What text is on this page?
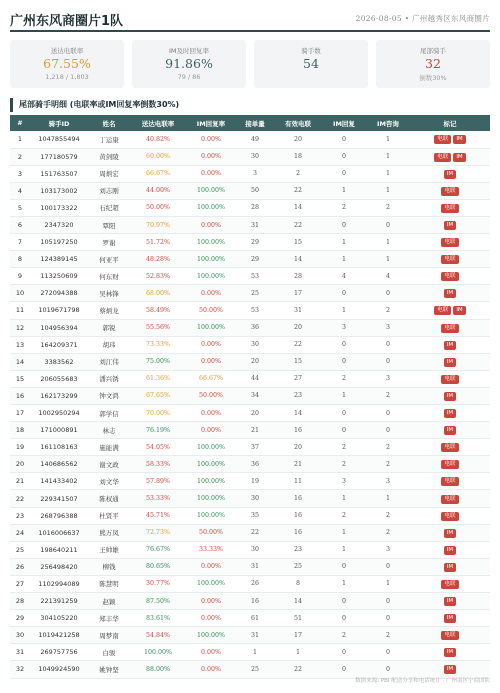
广州东风商圈片1队	2026-08-05 • 广州越秀区东风商圈片
送达电联率
67.55%
1,218 / 1,803
IM及时回复率
91.86%
79 / 86
骑手数
54
尾部骑手
32
倒数30%
尾部骑手明细 (电联率或IM回复率倒数30%)
#	骑手ID	姓名	送达电联率	IM回复率	接单量	有效电联	IM回复	IM咨询	标记
1	1047855494	丁运康	40.82%	0.00%	49	20	0	1	电联 IM
2	177180579	黄剑陵	60.00%	0.00%	30	18	0	1	电联 IM
3	151763507	周炳宏	66.67%	0.00%	3	2	0	1	IM
4	103173002	刘志刚	44.00%	100.00%	50	22	1	1	电联
5	100173322	石纪超	50.00%	100.00%	28	14	2	2	电联
6	2347320	覃阳	70.97%	0.00%	31	22	0	0	IM
7	105197250	罗谢	51.72%	100.00%	29	15	1	1	电联
8	124389145	何亚平	48.28%	100.00%	29	14	1	1	电联
9	113250609	何东财	52.83%	100.00%	53	28	4	4	电联
10	272094388	吴林锋	68.00%	0.00%	25	17	0	0	IM
11	1019671798	蔡炳龙	58.49%	50.00%	53	31	1	2	电联 IM
12	104956394	郭锐	55.56%	100.00%	36	20	3	3	电联
13	164209371	胡玮	73.33%	0.00%	30	22	0	0	IM
14	3383562	刘江伟	75.00%	0.00%	20	15	0	0	IM
15	206055683	潘兴锈	61.36%	66.67%	44	27	2	3	电联
16	162173299	钟文鸿	67.65%	50.00%	34	23	1	2	IM
17	1002950294	郭学信	70.00%	0.00%	20	14	0	0	IM
18	171000891	林志	76.19%	0.00%	21	16	0	0	IM
19	161108163	施能满	54.05%	100.00%	37	20	2	2	电联
20	140686562	谢文政	58.33%	100.00%	36	21	2	2	电联
21	141433402	刘文华	57.89%	100.00%	19	11	3	3	电联
22	229341507	陈权通	53.33%	100.00%	30	16	1	1	电联
23	268796388	杜贤平	45.71%	100.00%	35	16	2	2	电联
24	1016006637	熊万凤	72.73%	50.00%	22	16	1	2	IM
25	198640211	王帅雄	76.67%	33.33%	30	23	1	3	IM
26	256498420	柳钱	80.65%	0.00%	31	25	0	0	IM
27	1102994089	陈慧明	30.77%	100.00%	26	8	1	1	电联
28	221391259	赵颖	87.50%	0.00%	16	14	0	0	IM
29	304105220	郑丰华	83.61%	0.00%	61	51	0	0	IM
30	1019421258	周梦南	54.84%	100.00%	31	17	2	2	电联
31	269757756	白骏	100.00%	0.00%	1	1	0	0	IM
32	1049924590	姚钟坚	88.00%	0.00%	25	22	0	0	IM
数据来源: PBI 配送分享和电话统计 · 广州南区宁商团队
